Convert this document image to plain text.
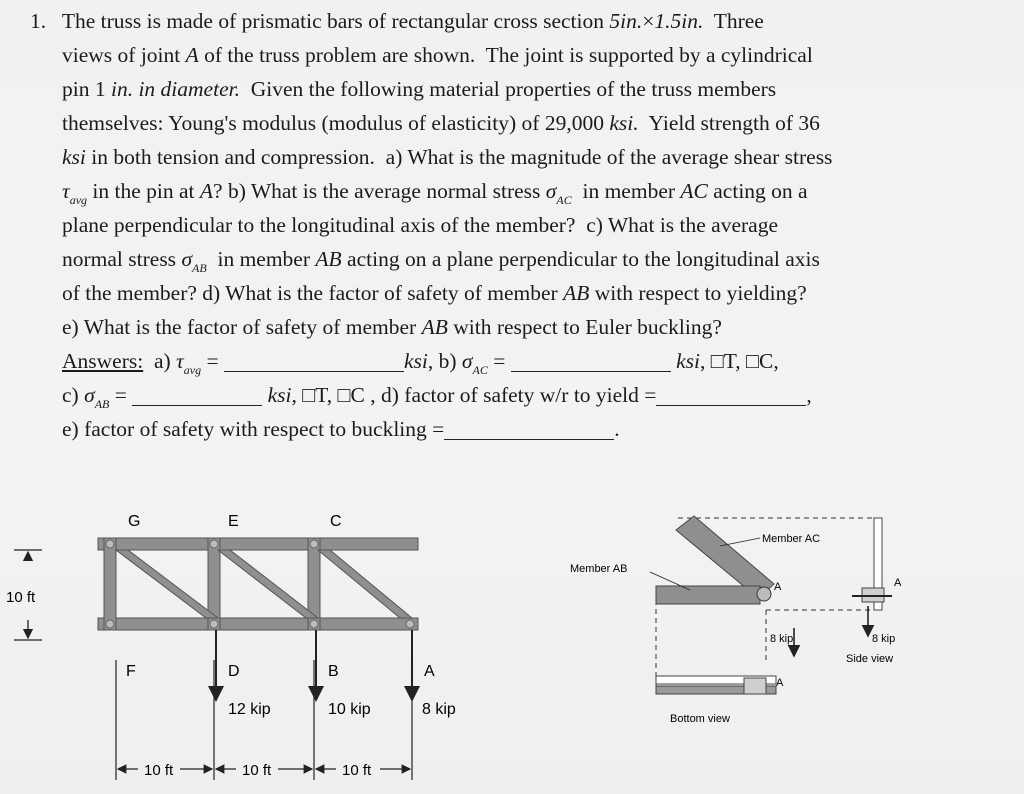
1. The truss is made of prismatic bars of rectangular cross section 5in.×1.5in. Three
views of joint A of the truss problem are shown. The joint is supported by a cylindrical
pin 1 in. in diameter. Given the following material properties of the truss members
themselves: Young's modulus (modulus of elasticity) of 29,000 ksi. Yield strength of 36
ksi in both tension and compression. a) What is the magnitude of the average shear stress
$\tau_{avg}$ in the pin at A? b) What is the average normal stress $\sigma_{AC}$ in member AC acting on a
plane perpendicular to the longitudinal axis of the member? c) What is the average
normal stress $\sigma_{AB}$ in member AB acting on a plane perpendicular to the longitudinal axis
of the member? d) What is the factor of safety of member AB with respect to yielding?
e) What is the factor of safety of member AB with respect to Euler buckling?
Answers: a) $\tau_{avg}$ =	ksi, b) $\sigma_{AC}$ =	ksi, □T, □C,
c) $\sigma_{AB}$ =	ksi, □T, □C , d) factor of safety w/r to yield =	,
e) factor of safety with respect to buckling =	.
G	E	C
F	D	B	A
10 ft
12 kip	10 kip	8 kip
10 ft	10 ft	10 ft
8 kip
A
Member AB
Member AC
A
8 kip
Side view
A
Bottom view
